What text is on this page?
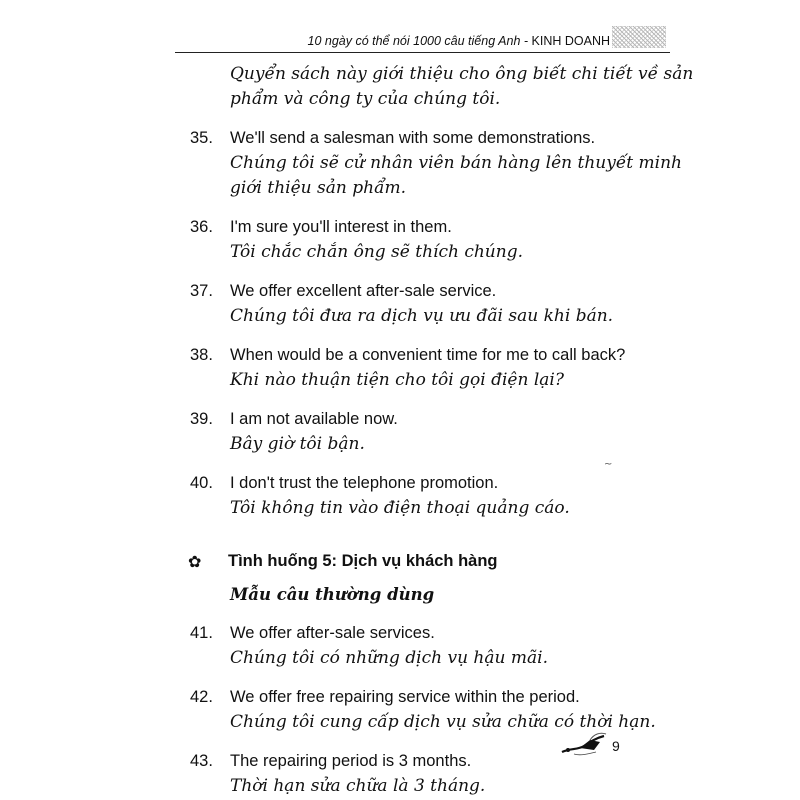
10 ngày có thể nói 1000 câu tiếng Anh - KINH DOANH
Quyển sách này giới thiệu cho ông biết chi tiết về sản phẩm và công ty của chúng tôi.
35.	We'll send a salesman with some demonstrations.
Chúng tôi sẽ cử nhân viên bán hàng lên thuyết minh giới thiệu sản phẩm.
36.	I'm sure you'll interest in them.
Tôi chắc chắn ông sẽ thích chúng.
37.	We offer excellent after-sale service.
Chúng tôi đưa ra dịch vụ ưu đãi sau khi bán.
38.	When would be a convenient time for me to call back?
Khi nào thuận tiện cho tôi gọi điện lại?
39.	I am not available now.
Bây giờ tôi bận.
40.	I don't trust the telephone promotion.
Tôi không tin vào điện thoại quảng cáo.
✿	Tình huống 5: Dịch vụ khách hàng
Mẫu câu thường dùng
41.	We offer after-sale services.
Chúng tôi có những dịch vụ hậu mãi.
42.	We offer free repairing service within the period.
Chúng tôi cung cấp dịch vụ sửa chữa có thời hạn.
43.	The repairing period is 3 months.
Thời hạn sửa chữa là 3 tháng.
~
9
